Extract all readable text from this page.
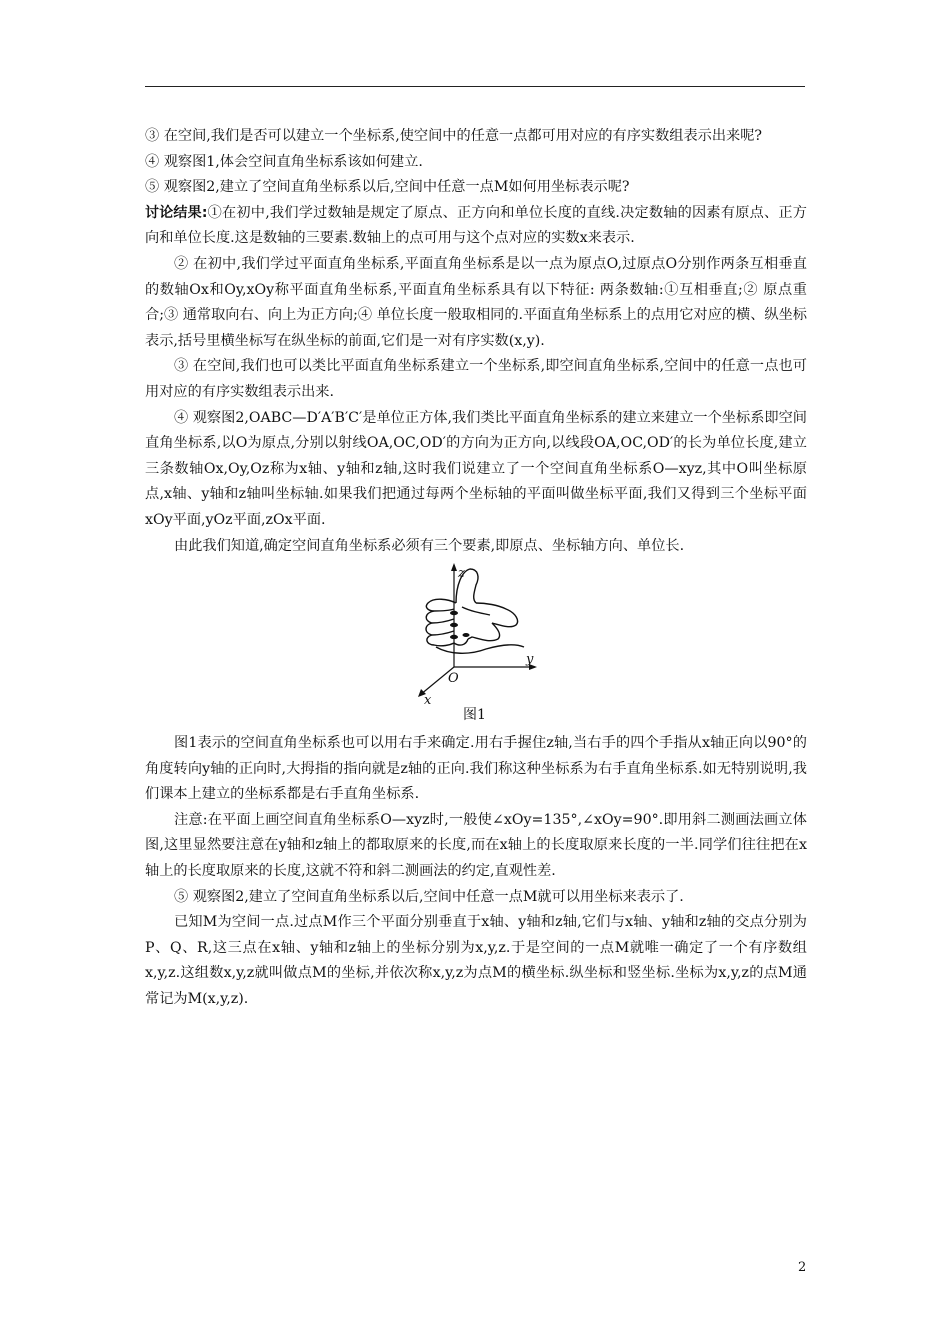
③ 在空间,我们是否可以建立一个坐标系,使空间中的任意一点都可用对应的有序实数组表示出来呢?

④ 观察图1,体会空间直角坐标系该如何建立.

⑤ 观察图2,建立了空间直角坐标系以后,空间中任意一点M如何用坐标表示呢?

讨论结果:①在初中,我们学过数轴是规定了原点、正方向和单位长度的直线.决定数轴的因素有原点、正方向和单位长度.这是数轴的三要素.数轴上的点可用与这个点对应的实数x来表示.

② 在初中,我们学过平面直角坐标系,平面直角坐标系是以一点为原点O,过原点O分别作两条互相垂直的数轴Ox和Oy,xOy称平面直角坐标系,平面直角坐标系具有以下特征: 两条数轴:①互相垂直;② 原点重合;③ 通常取向右、向上为正方向;④ 单位长度一般取相同的.平面直角坐标系上的点用它对应的横、纵坐标表示,括号里横坐标写在纵坐标的前面,它们是一对有序实数(x,y).

③ 在空间,我们也可以类比平面直角坐标系建立一个坐标系,即空间直角坐标系,空间中的任意一点也可用对应的有序实数组表示出来.

④ 观察图2,OABC—D′A′B′C′是单位正方体,我们类比平面直角坐标系的建立来建立一个坐标系即空间直角坐标系,以O为原点,分别以射线OA,OC,OD′的方向为正方向,以线段OA,OC,OD′的长为单位长度,建立三条数轴Ox,Oy,Oz称为x轴、y轴和z轴,这时我们说建立了一个空间直角坐标系O—xyz,其中O叫坐标原点,x轴、y轴和z轴叫坐标轴.如果我们把通过每两个坐标轴的平面叫做坐标平面,我们又得到三个坐标平面 xOy平面,yOz平面,zOx平面.

由此我们知道,确定空间直角坐标系必须有三个要素,即原点、坐标轴方向、单位长.

z
y
x
O
图1

图1表示的空间直角坐标系也可以用右手来确定.用右手握住z轴,当右手的四个手指从x轴正向以90°的角度转向y轴的正向时,大拇指的指向就是z轴的正向.我们称这种坐标系为右手直角坐标系.如无特别说明,我们课本上建立的坐标系都是右手直角坐标系.

注意:在平面上画空间直角坐标系O—xyz时,一般使∠xOy=135°,∠xOy=90°.即用斜二测画法画立体图,这里显然要注意在y轴和z轴上的都取原来的长度,而在x轴上的长度取原来长度的一半.同学们往往把在x轴上的长度取原来的长度,这就不符和斜二测画法的约定,直观性差.

⑤ 观察图2,建立了空间直角坐标系以后,空间中任意一点M就可以用坐标来表示了.

已知M为空间一点.过点M作三个平面分别垂直于x轴、y轴和z轴,它们与x轴、y轴和z轴的交点分别为P、Q、R,这三点在x轴、y轴和z轴上的坐标分别为x,y,z.于是空间的一点M就唯一确定了一个有序数组x,y,z.这组数x,y,z就叫做点M的坐标,并依次称x,y,z为点M的横坐标.纵坐标和竖坐标.坐标为x,y,z的点M通常记为M(x,y,z).

2
